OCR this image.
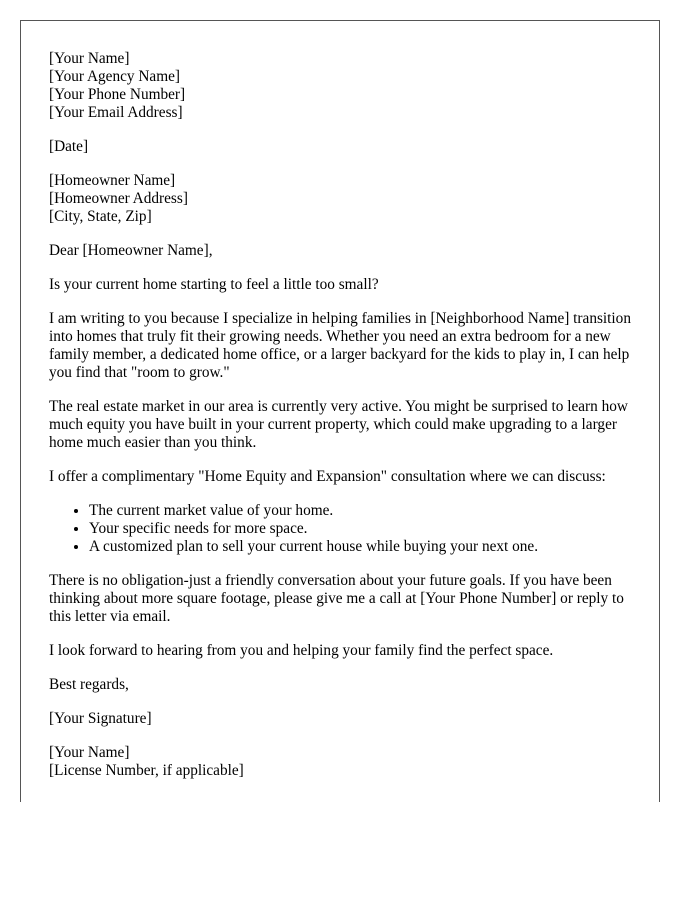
[Your Name]
[Your Agency Name]
[Your Phone Number]
[Your Email Address]

[Date]

[Homeowner Name]
[Homeowner Address]
[City, State, Zip]

Dear [Homeowner Name],

Is your current home starting to feel a little too small?

I am writing to you because I specialize in helping families in [Neighborhood Name] transition into homes that truly fit their growing needs. Whether you need an extra bedroom for a new family member, a dedicated home office, or a larger backyard for the kids to play in, I can help you find that "room to grow."

The real estate market in our area is currently very active. You might be surprised to learn how much equity you have built in your current property, which could make upgrading to a larger home much easier than you think.

I offer a complimentary "Home Equity and Expansion" consultation where we can discuss:

• The current market value of your home.
• Your specific needs for more space.
• A customized plan to sell your current house while buying your next one.

There is no obligation-just a friendly conversation about your future goals. If you have been thinking about more square footage, please give me a call at [Your Phone Number] or reply to this letter via email.

I look forward to hearing from you and helping your family find the perfect space.

Best regards,

[Your Signature]

[Your Name]
[License Number, if applicable]
